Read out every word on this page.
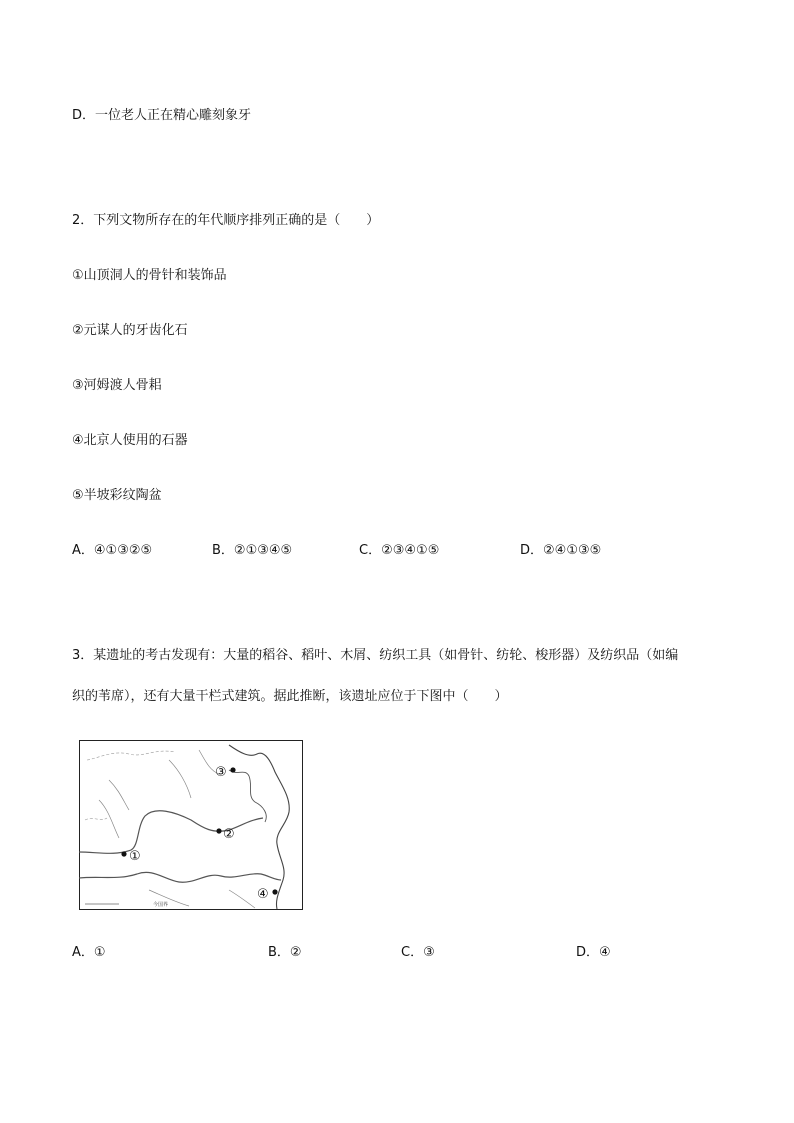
D．一位老人正在精心雕刻象牙
2．下列文物所存在的年代顺序排列正确的是（　　）
①山顶洞人的骨针和装饰品
②元谋人的牙齿化石
③河姆渡人骨耜
④北京人使用的石器
⑤半坡彩纹陶盆
A．④①③②⑤	B．②①③④⑤	C．②③④①⑤	D．②④①③⑤
3．某遗址的考古发现有：大量的稻谷、稻叶、木屑、纺织工具（如骨针、纺轮、梭形器）及纺织品（如编
织的苇席），还有大量干栏式建筑。据此推断，该遗址应位于下图中（　　）
③
②
①
④
今国界
A．①	B．②	C．③	D．④
